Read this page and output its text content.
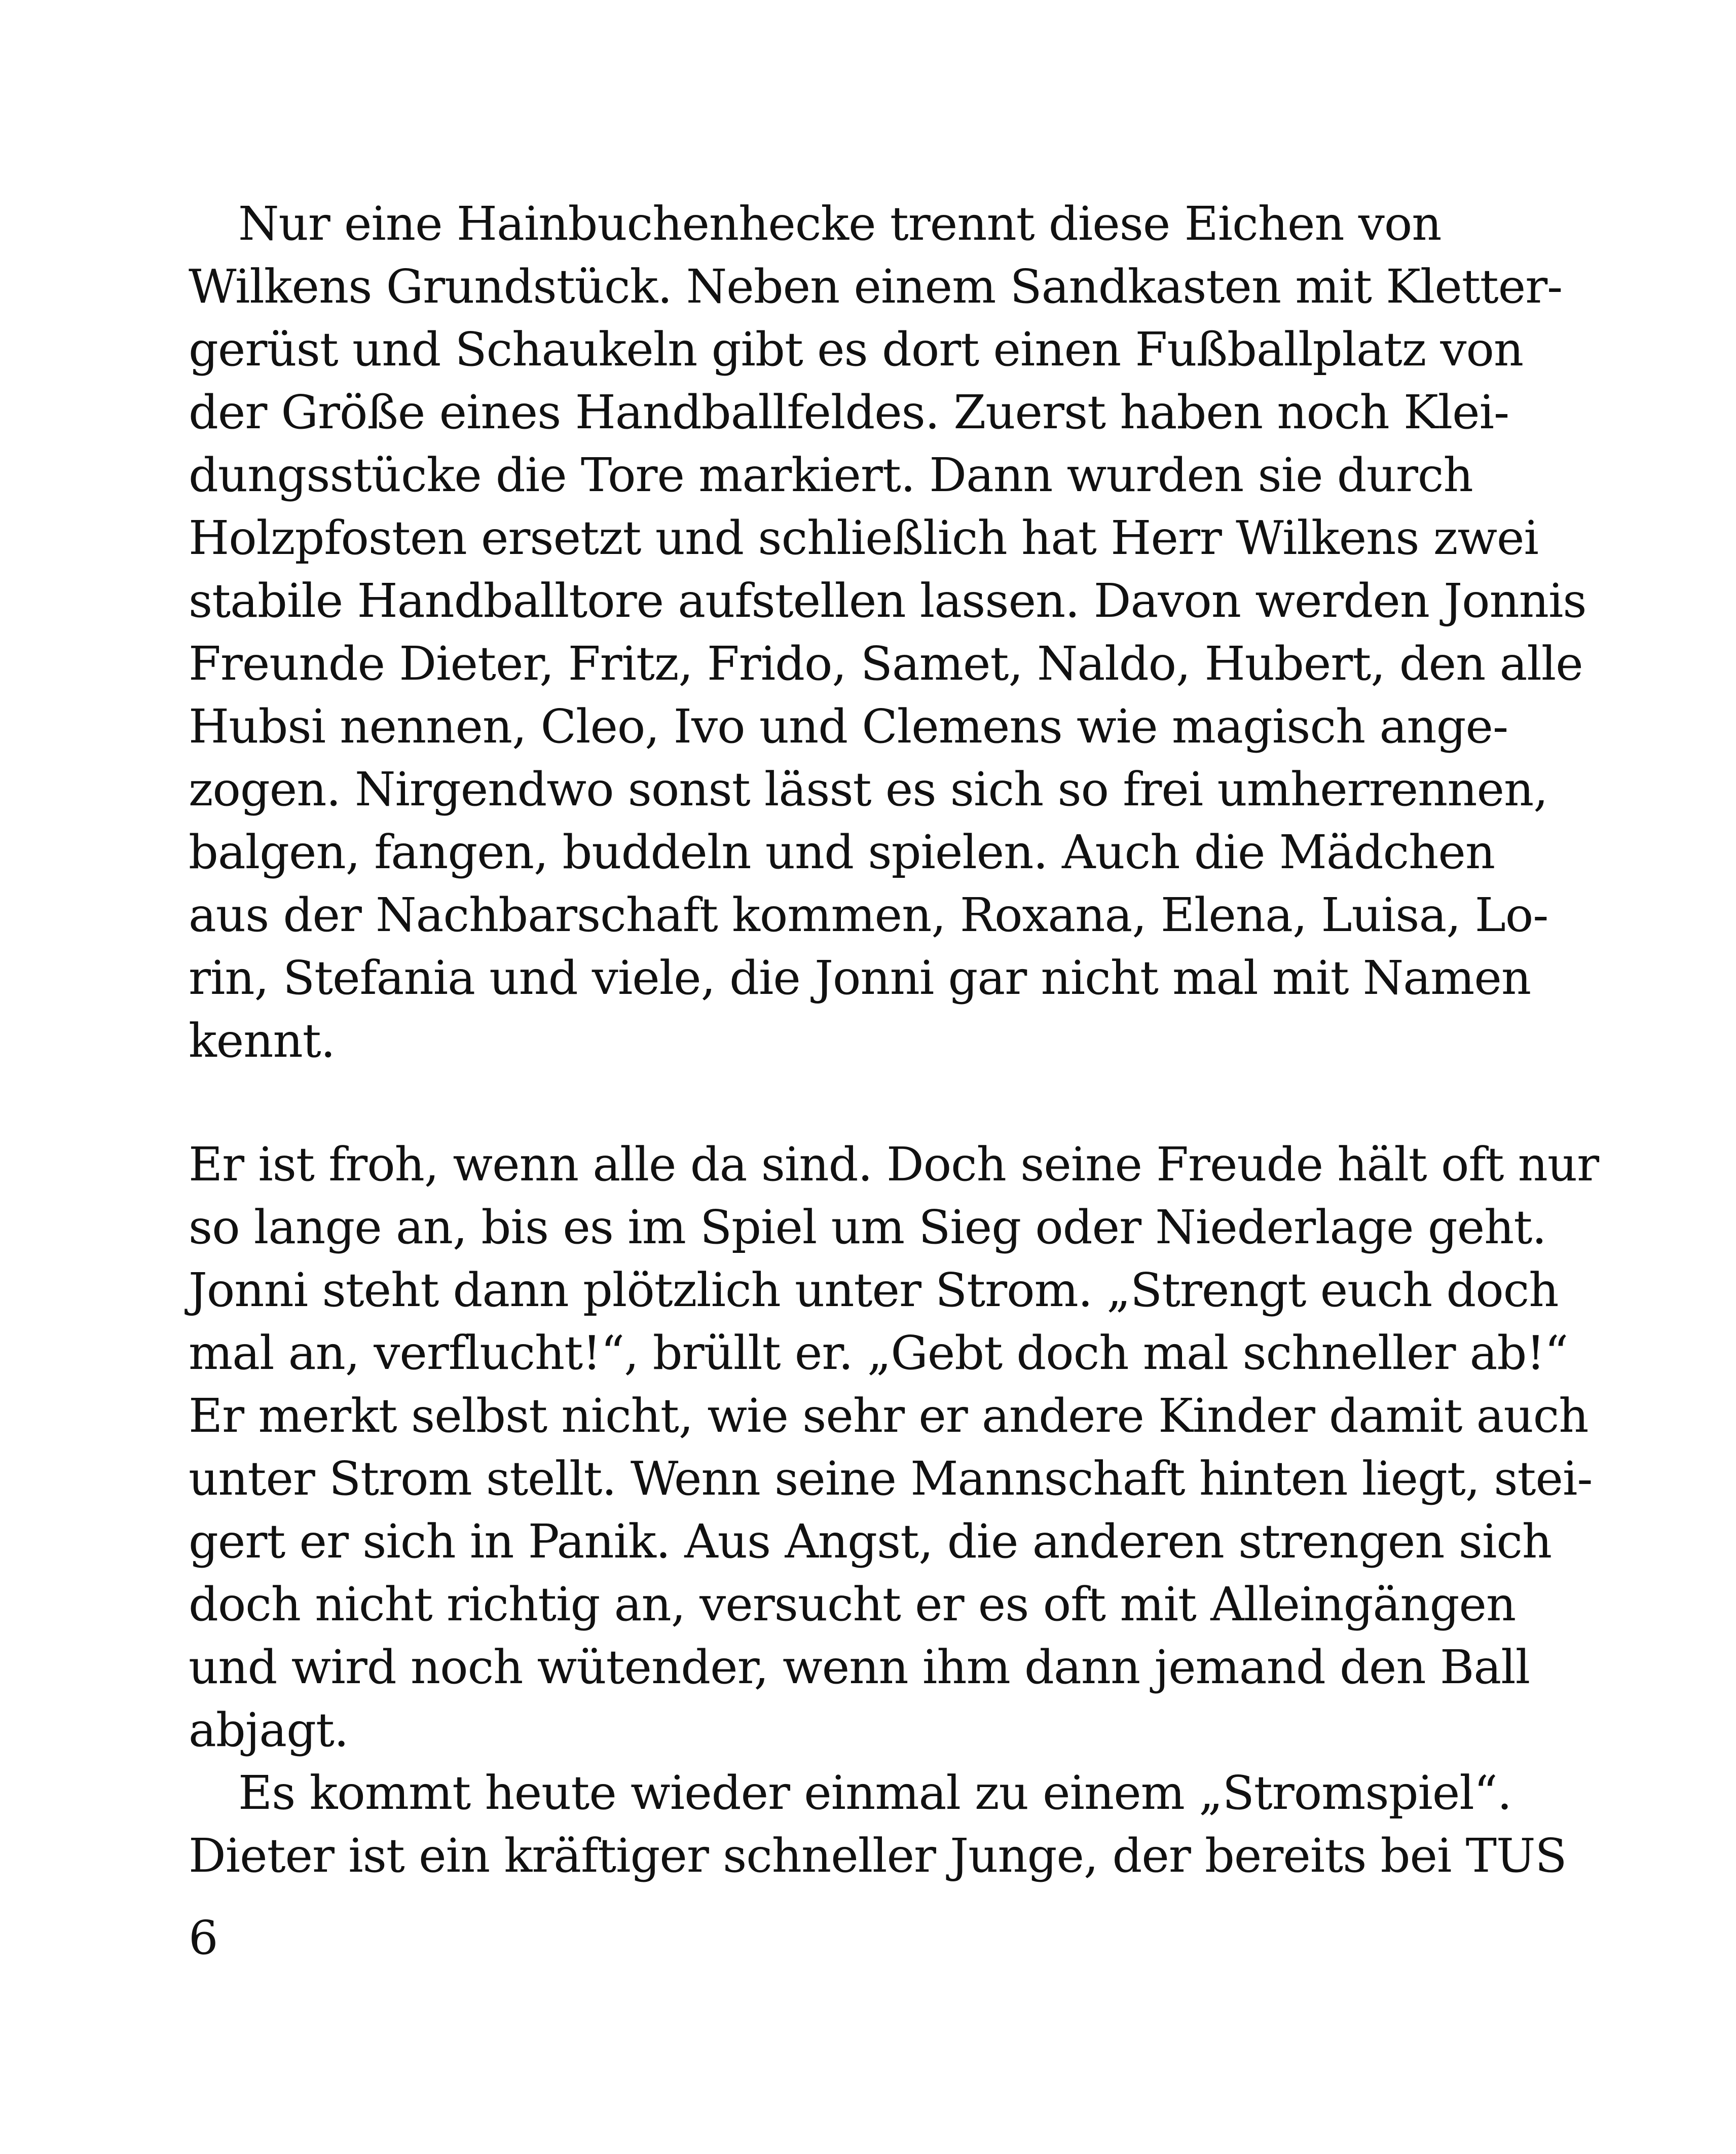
Nur eine Hainbuchenhecke trennt diese Eichen von
Wilkens Grundstück. Neben einem Sandkasten mit Kletter-
gerüst und Schaukeln gibt es dort einen Fußballplatz von
der Größe eines Handballfeldes. Zuerst haben noch Klei-
dungsstücke die Tore markiert. Dann wurden sie durch
Holzpfosten ersetzt und schließlich hat Herr Wilkens zwei
stabile Handballtore aufstellen lassen. Davon werden Jonnis
Freunde Dieter, Fritz, Frido, Samet, Naldo, Hubert, den alle
Hubsi nennen, Cleo, Ivo und Clemens wie magisch ange-
zogen. Nirgendwo sonst lässt es sich so frei umherrennen,
balgen, fangen, buddeln und spielen. Auch die Mädchen
aus der Nachbarschaft kommen, Roxana, Elena, Luisa, Lo-
rin, Stefania und viele, die Jonni gar nicht mal mit Namen
kennt.
Er ist froh, wenn alle da sind. Doch seine Freude hält oft nur
so lange an, bis es im Spiel um Sieg oder Niederlage geht.
Jonni steht dann plötzlich unter Strom. „Strengt euch doch
mal an, verflucht!“, brüllt er. „Gebt doch mal schneller ab!“
Er merkt selbst nicht, wie sehr er andere Kinder damit auch
unter Strom stellt. Wenn seine Mannschaft hinten liegt, stei-
gert er sich in Panik. Aus Angst, die anderen strengen sich
doch nicht richtig an, versucht er es oft mit Alleingängen
und wird noch wütender, wenn ihm dann jemand den Ball
abjagt.
Es kommt heute wieder einmal zu einem „Stromspiel“.
Dieter ist ein kräftiger schneller Junge, der bereits bei TUS
6
